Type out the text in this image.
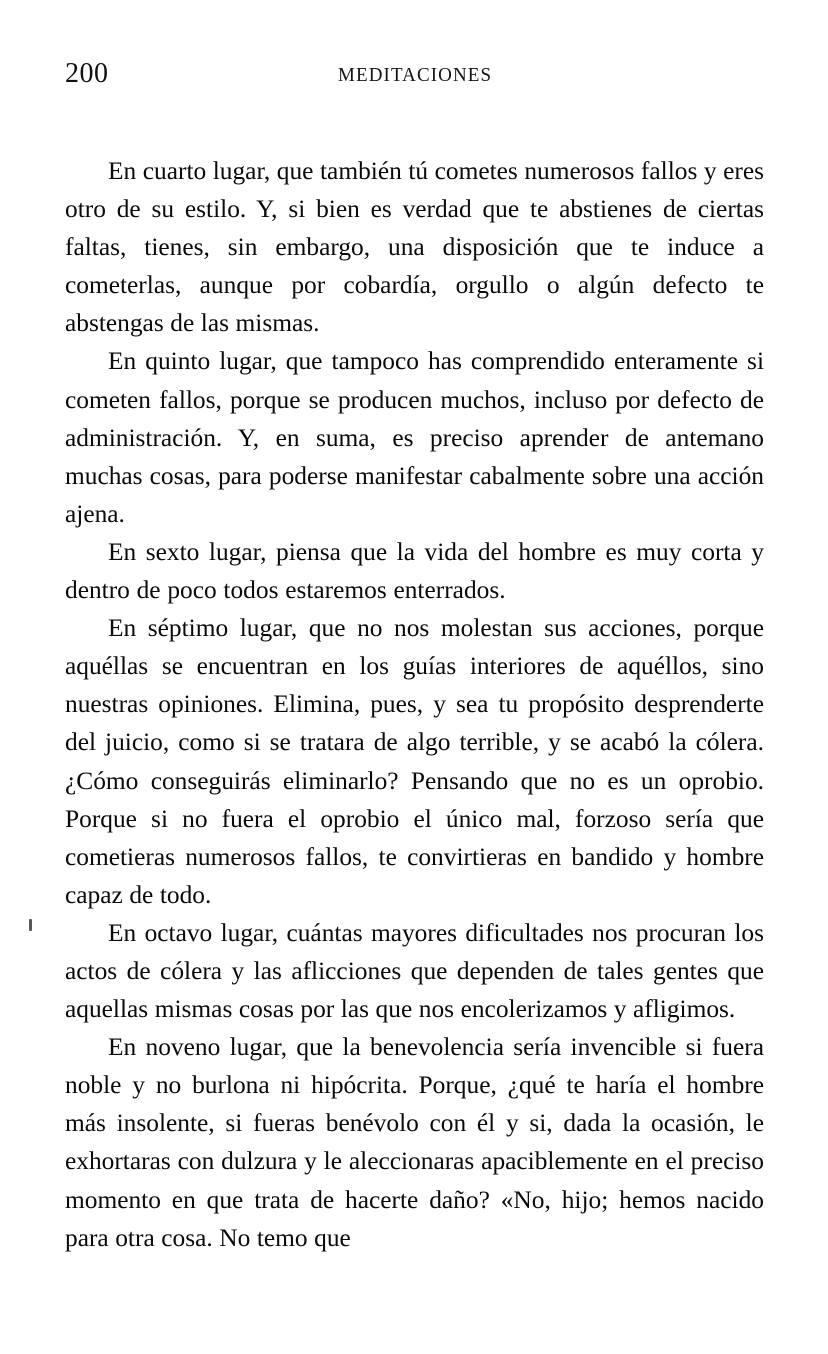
200	MEDITACIONES

En cuarto lugar, que también tú cometes numerosos fallos y eres otro de su estilo. Y, si bien es verdad que te abstienes de ciertas faltas, tienes, sin embargo, una disposición que te induce a cometerlas, aunque por cobardía, orgullo o algún defecto te abstengas de las mismas.

En quinto lugar, que tampoco has comprendido enteramente si cometen fallos, porque se producen muchos, incluso por defecto de administración. Y, en suma, es preciso aprender de antemano muchas cosas, para poderse manifestar cabalmente sobre una acción ajena.

En sexto lugar, piensa que la vida del hombre es muy corta y dentro de poco todos estaremos enterrados.

En séptimo lugar, que no nos molestan sus acciones, porque aquéllas se encuentran en los guías interiores de aquéllos, sino nuestras opiniones. Elimina, pues, y sea tu propósito desprenderte del juicio, como si se tratara de algo terrible, y se acabó la cólera. ¿Cómo conseguirás eliminarlo? Pensando que no es un oprobio. Porque si no fuera el oprobio el único mal, forzoso sería que cometieras numerosos fallos, te convirtieras en bandido y hombre capaz de todo.

En octavo lugar, cuántas mayores dificultades nos procuran los actos de cólera y las aflicciones que dependen de tales gentes que aquellas mismas cosas por las que nos encolerizamos y afligimos.

En noveno lugar, que la benevolencia sería invencible si fuera noble y no burlona ni hipócrita. Porque, ¿qué te haría el hombre más insolente, si fueras benévolo con él y si, dada la ocasión, le exhortaras con dulzura y le aleccionaras apaciblemente en el preciso momento en que trata de hacerte daño? «No, hijo; hemos nacido para otra cosa. No temo que
